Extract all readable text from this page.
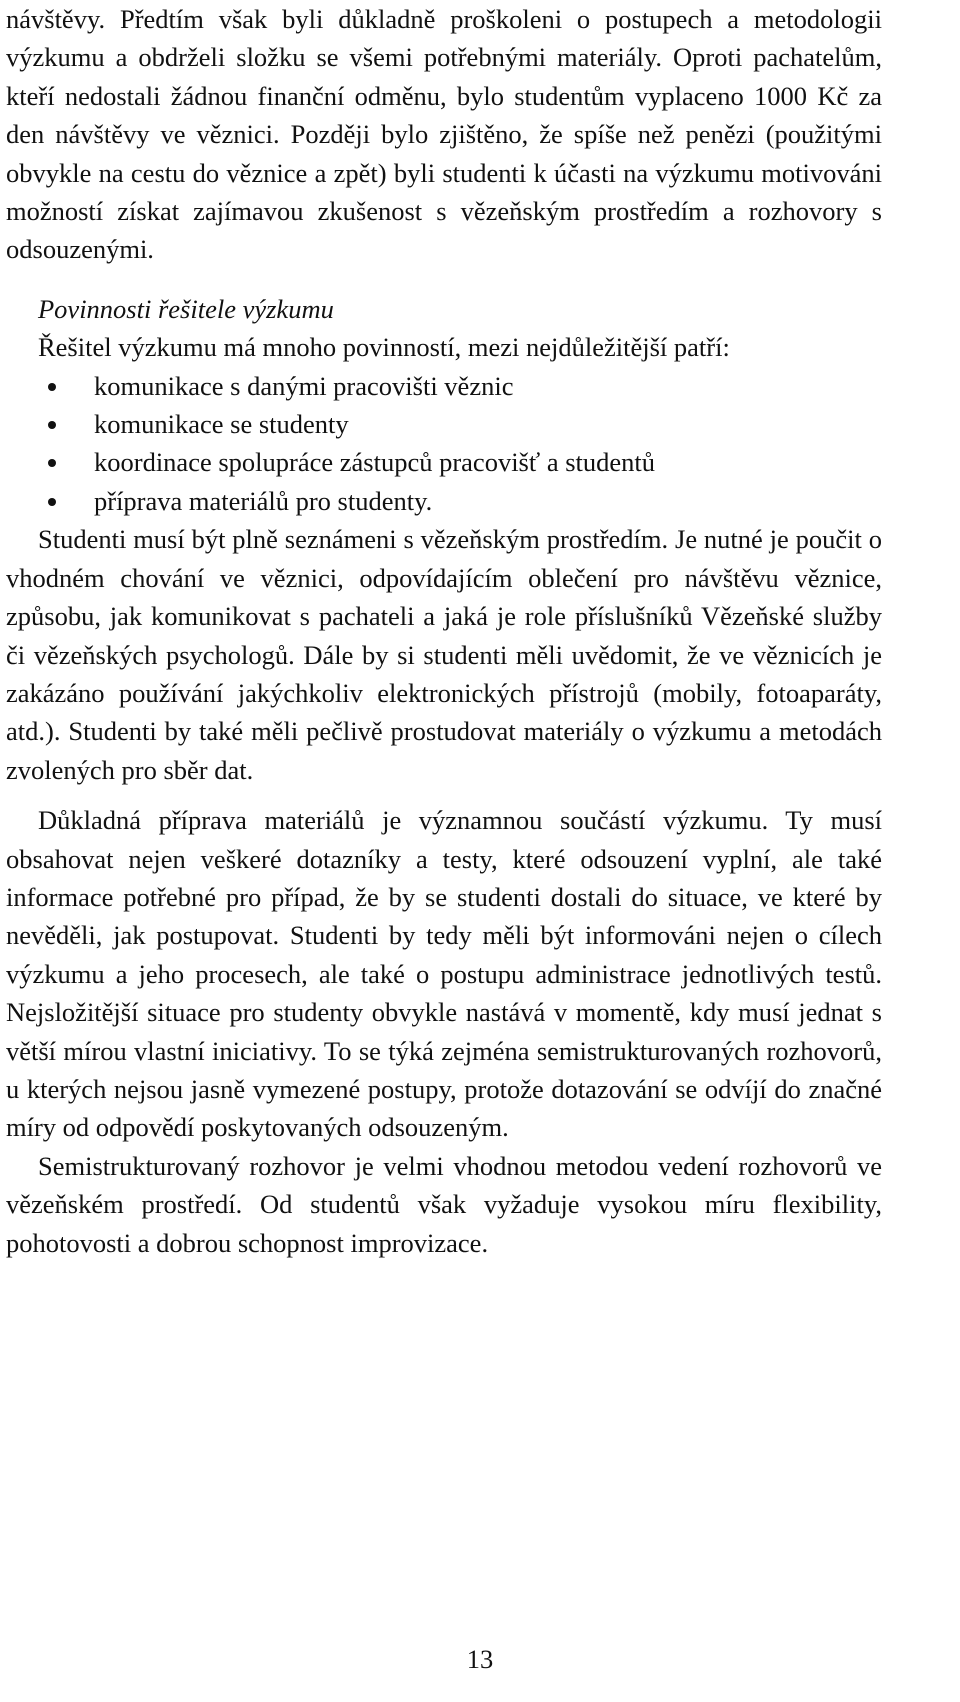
návštěvy. Předtím však byli důkladně proškoleni o postupech a metodologii výzkumu a obdrželi složku se všemi potřebnými materiály. Oproti pachatelům, kteří nedostali žádnou finanční odměnu, bylo studentům vyplaceno 1000 Kč za den návštěvy ve věznici. Později bylo zjištěno, že spíše než penězi (použitými obvykle na cestu do věznice a zpět) byli studenti k účasti na výzkumu motivováni možností získat zajímavou zkušenost s vězeňským prostředím a rozhovory s odsouzenými.

Povinnosti řešitele výzkumu

Řešitel výzkumu má mnoho povinností, mezi nejdůležitější patří:

komunikace s danými pracovišti věznic
komunikace se studenty
koordinace spolupráce zástupců pracovišť a studentů
příprava materiálů pro studenty.

Studenti musí být plně seznámeni s vězeňským prostředím. Je nutné je poučit o vhodném chování ve věznici, odpovídajícím oblečení pro návštěvu věznice, způsobu, jak komunikovat s pachateli a jaká je role příslušníků Vězeňské služby či vězeňských psychologů. Dále by si studenti měli uvědomit, že ve věznicích je zakázáno používání jakýchkoliv elektronických přístrojů (mobily, fotoaparáty, atd.). Studenti by také měli pečlivě prostudovat materiály o výzkumu a metodách zvolených pro sběr dat.

Důkladná příprava materiálů je významnou součástí výzkumu. Ty musí obsahovat nejen veškeré dotazníky a testy, které odsouzení vyplní, ale také informace potřebné pro případ, že by se studenti dostali do situace, ve které by nevěděli, jak postupovat. Studenti by tedy měli být informováni nejen o cílech výzkumu a jeho procesech, ale také o postupu administrace jednotlivých testů. Nejsložitější situace pro studenty obvykle nastává v momentě, kdy musí jednat s větší mírou vlastní iniciativy. To se týká zejména semistrukturovaných rozhovorů, u kterých nejsou jasně vymezené postupy, protože dotazování se odvíjí do značné míry od odpovědí poskytovaných odsouzeným.

Semistrukturovaný rozhovor je velmi vhodnou metodou vedení rozhovorů ve vězeňském prostředí. Od studentů však vyžaduje vysokou míru flexibility, pohotovosti a dobrou schopnost improvizace.

13
